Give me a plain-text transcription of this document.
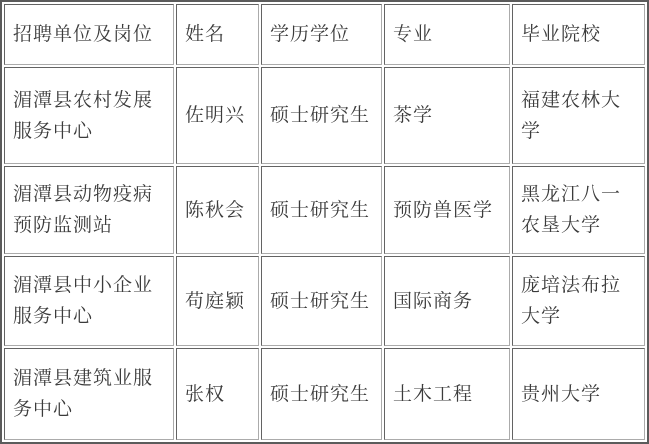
招聘单位及岗位	姓名	学历学位	专业	毕业院校
湄潭县农村发展服务中心	佐明兴	硕士研究生	茶学	福建农林大学
湄潭县动物疫病预防监测站	陈秋会	硕士研究生	预防兽医学	黑龙江八一农垦大学
湄潭县中小企业服务中心	苟庭颖	硕士研究生	国际商务	庞培法布拉大学
湄潭县建筑业服务中心	张权	硕士研究生	土木工程	贵州大学
